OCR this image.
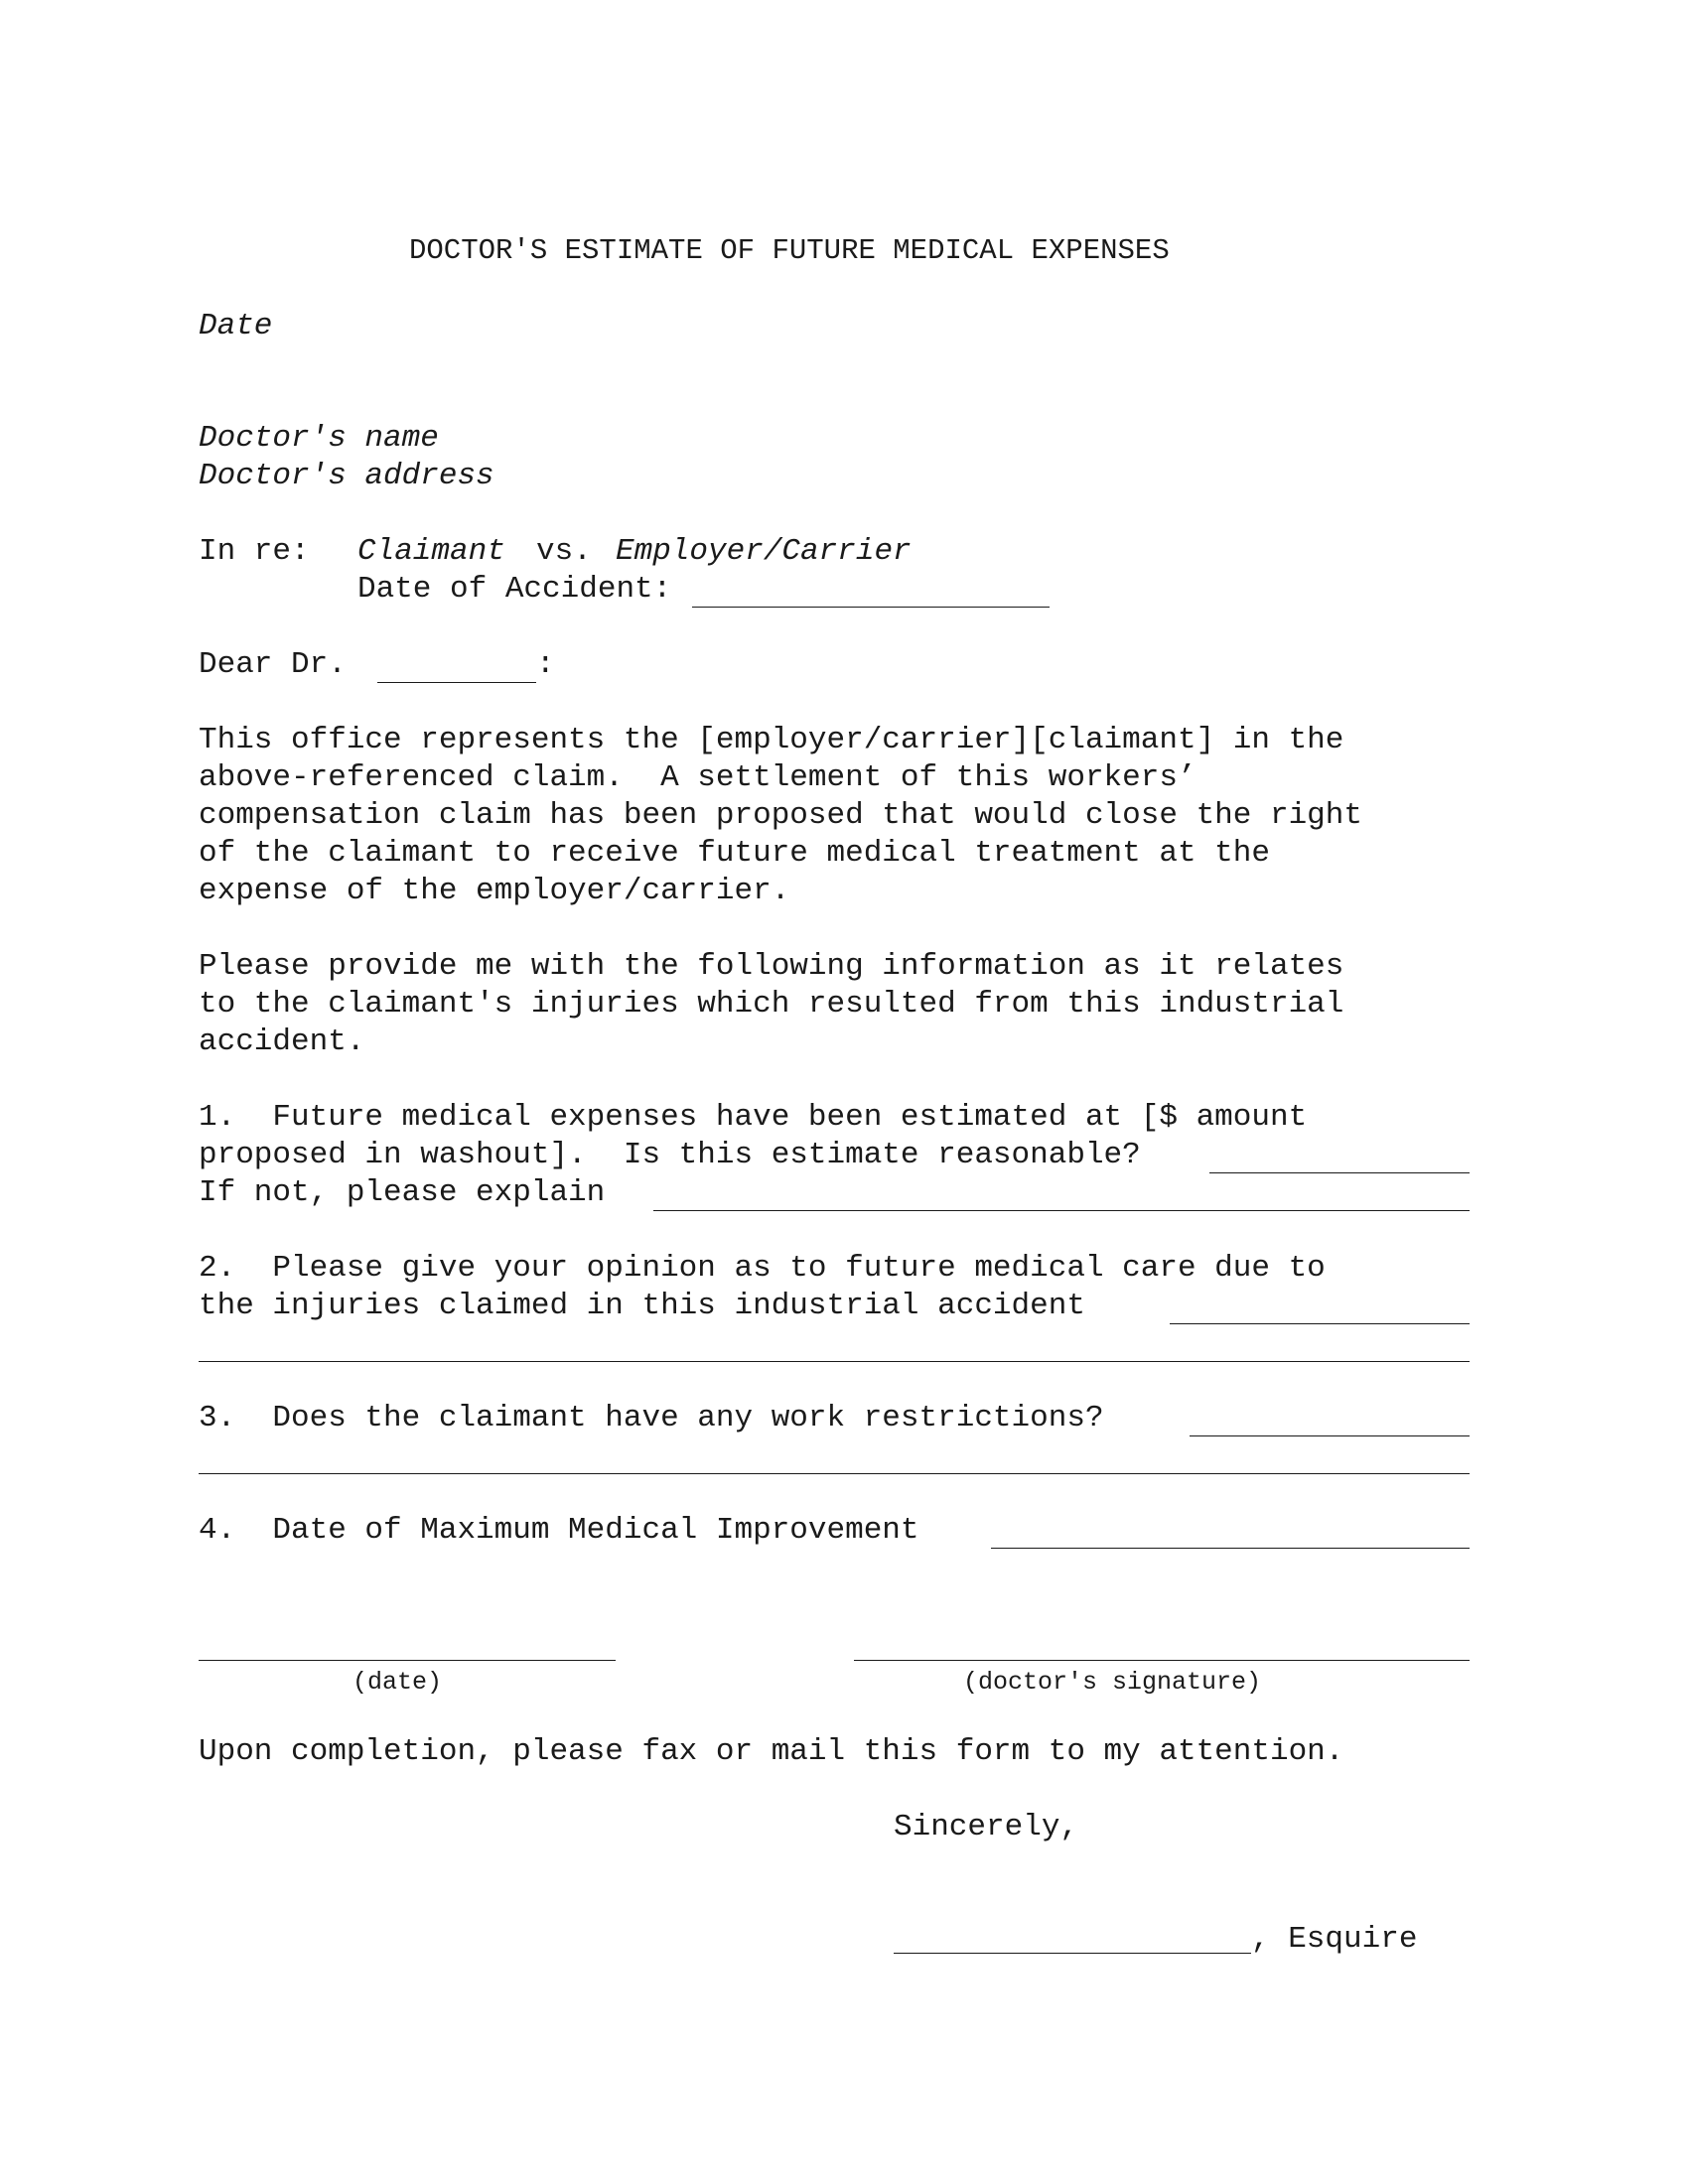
DOCTOR'S ESTIMATE OF FUTURE MEDICAL EXPENSES
Date
Doctor's name
Doctor's address
In re: Claimant vs. Employer/Carrier
Date of Accident:
Dear Dr.	:
This office represents the [employer/carrier][claimant] in the
above-referenced claim.  A settlement of this workers’
compensation claim has been proposed that would close the right
of the claimant to receive future medical treatment at the
expense of the employer/carrier.
Please provide me with the following information as it relates
to the claimant's injuries which resulted from this industrial
accident.
1.  Future medical expenses have been estimated at [$ amount
proposed in washout].  Is this estimate reasonable?
If not, please explain
2.  Please give your opinion as to future medical care due to
the injuries claimed in this industrial accident
3.  Does the claimant have any work restrictions?
4.  Date of Maximum Medical Improvement
(date)	(doctor's signature)
Upon completion, please fax or mail this form to my attention.
Sincerely,
, Esquire
